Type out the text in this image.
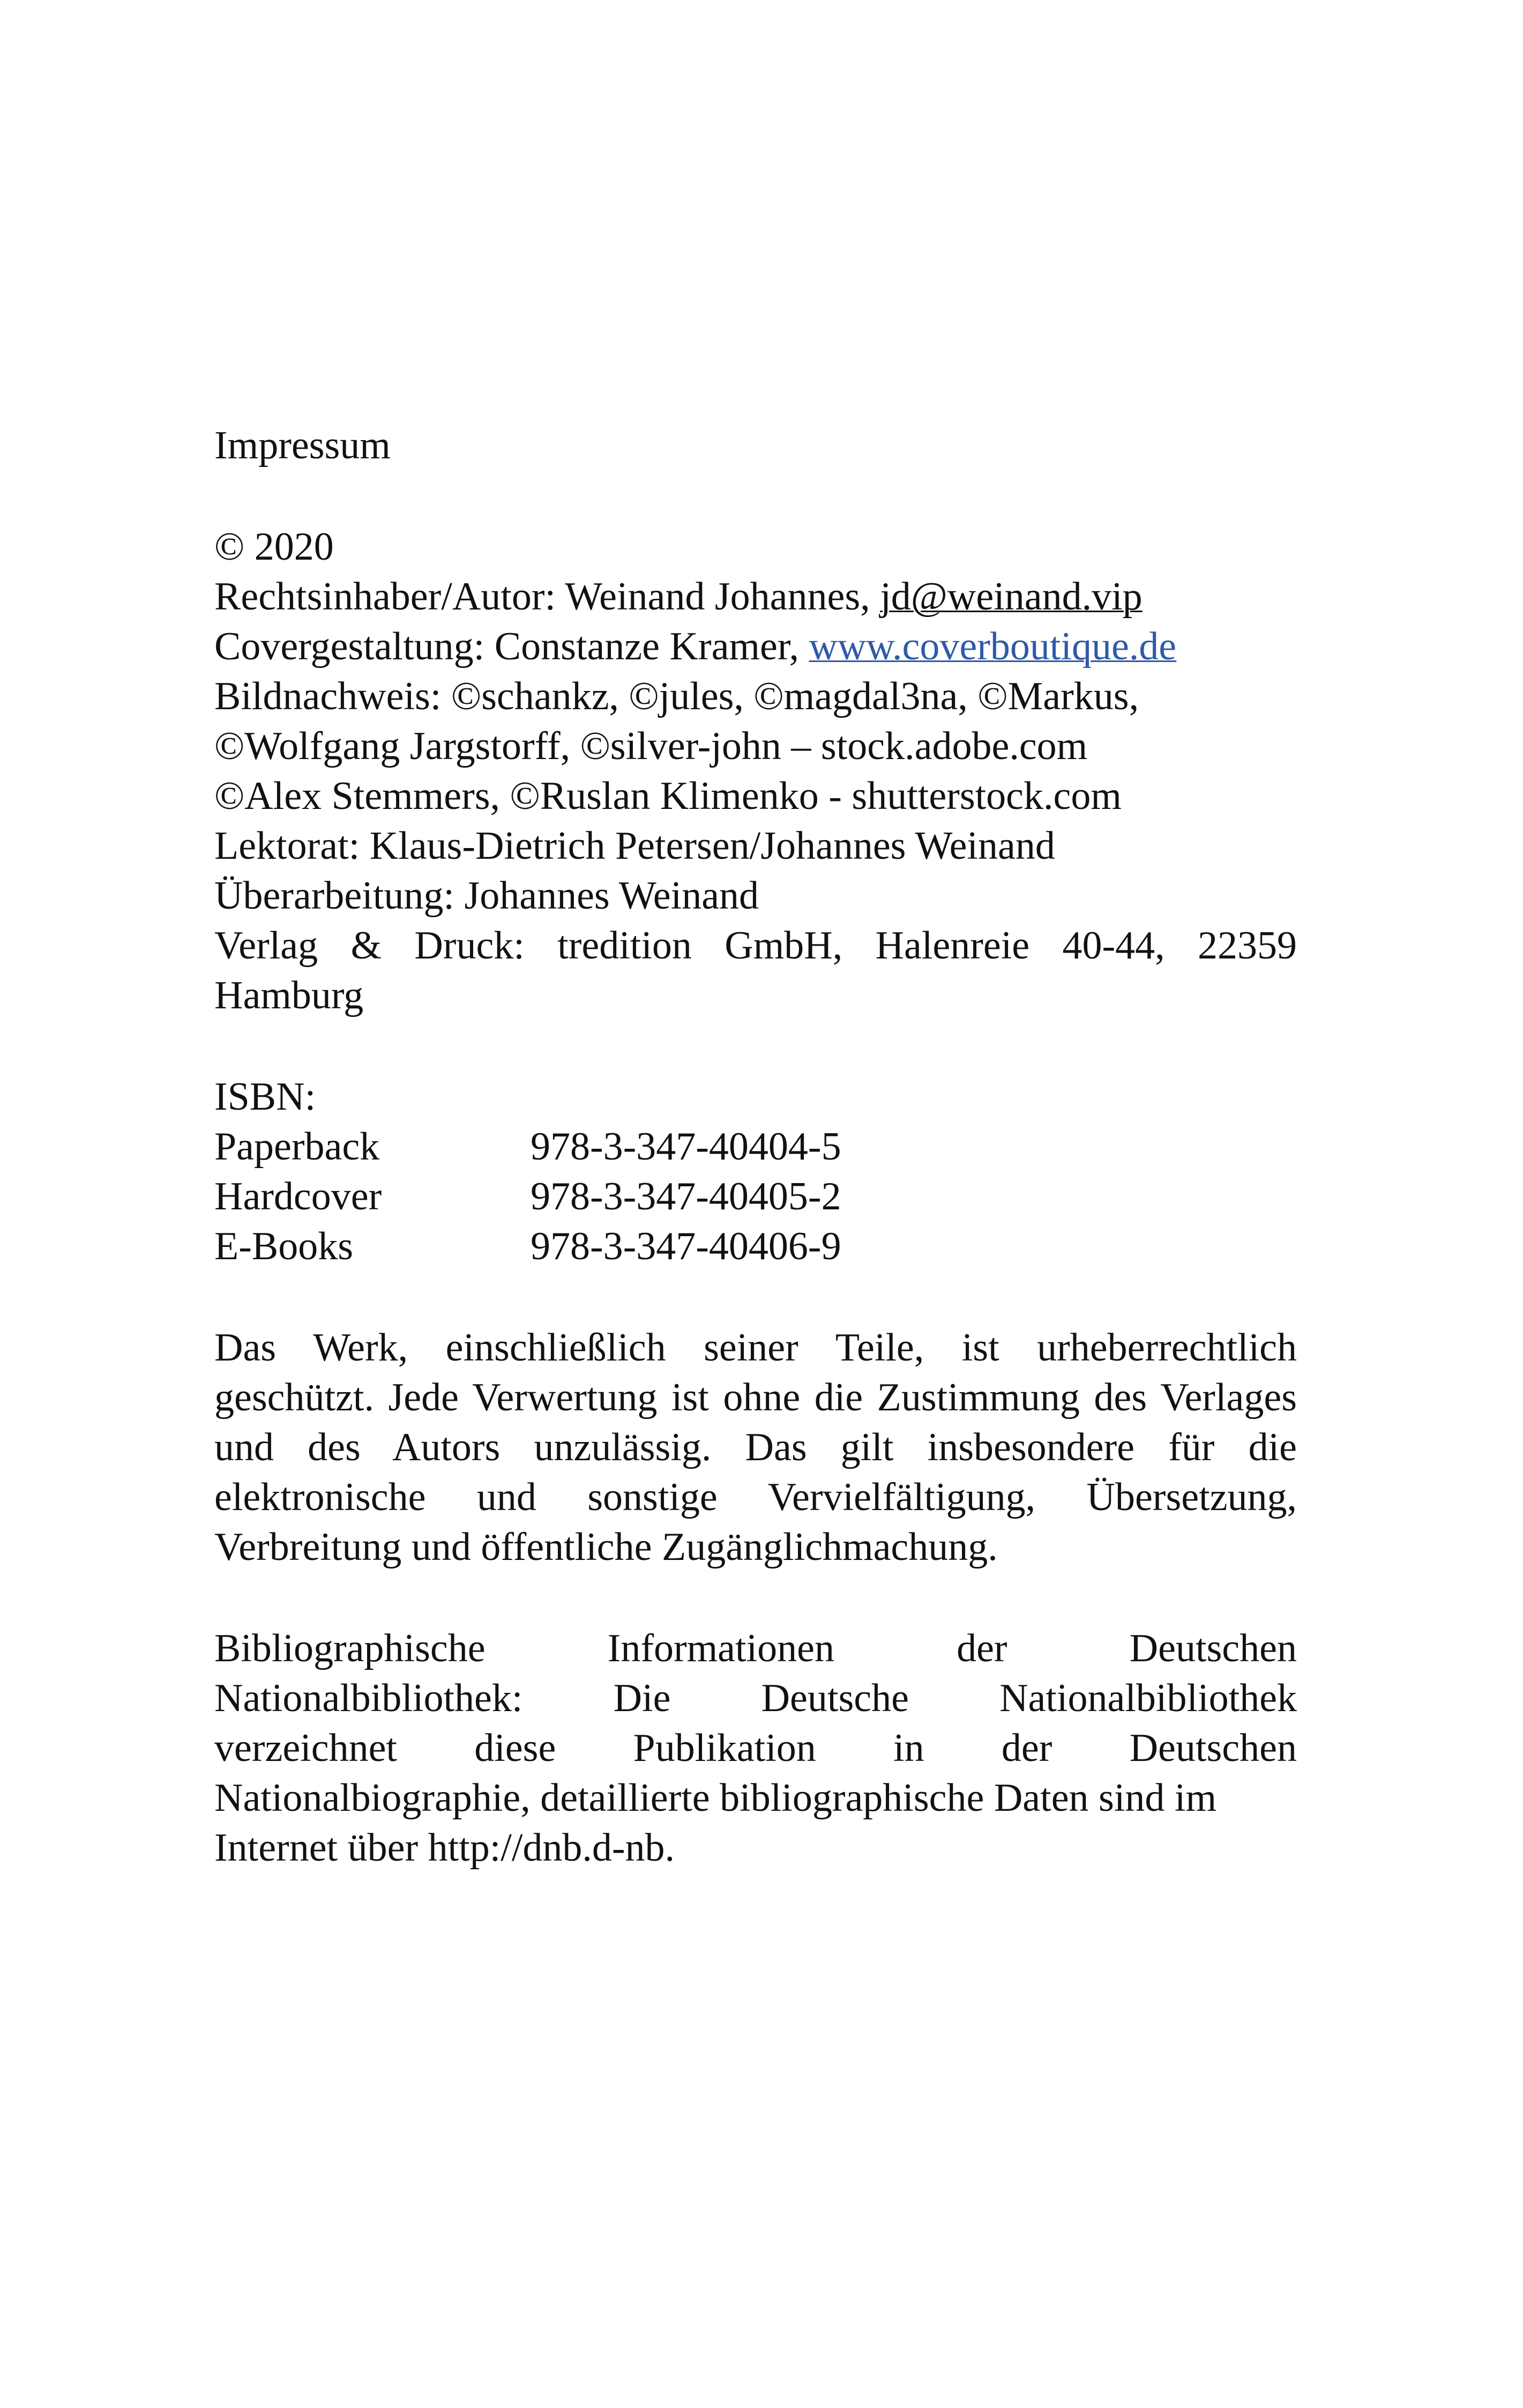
Impressum
© 2020
Rechtsinhaber/Autor: Weinand Johannes, jd@weinand.vip
Covergestaltung: Constanze Kramer, www.coverboutique.de
Bildnachweis: ©schankz, ©jules, ©magdal3na, ©Markus,
©Wolfgang Jargstorff, ©silver-john – stock.adobe.com
©Alex Stemmers, ©Ruslan Klimenko - shutterstock.com
Lektorat: Klaus-Dietrich Petersen/Johannes Weinand
Überarbeitung: Johannes Weinand
Verlag & Druck: tredition GmbH, Halenreie 40-44, 22359
Hamburg
ISBN:
Paperback	978-3-347-40404-5
Hardcover	978-3-347-40405-2
E-Books	978-3-347-40406-9
Das Werk, einschließlich seiner Teile, ist urheberrechtlich geschützt. Jede Verwertung ist ohne die Zustimmung des Verlages und des Autors unzulässig. Das gilt insbesondere für die elektronische und sonstige Vervielfältigung, Übersetzung, Verbreitung und öffentliche Zugänglichmachung.
Bibliographische	Informationen	der	Deutschen
Nationalbibliothek: Die Deutsche Nationalbibliothek
verzeichnet diese Publikation in der Deutschen
Nationalbiographie, detaillierte bibliographische Daten sind im
Internet über http://dnb.d-nb.
